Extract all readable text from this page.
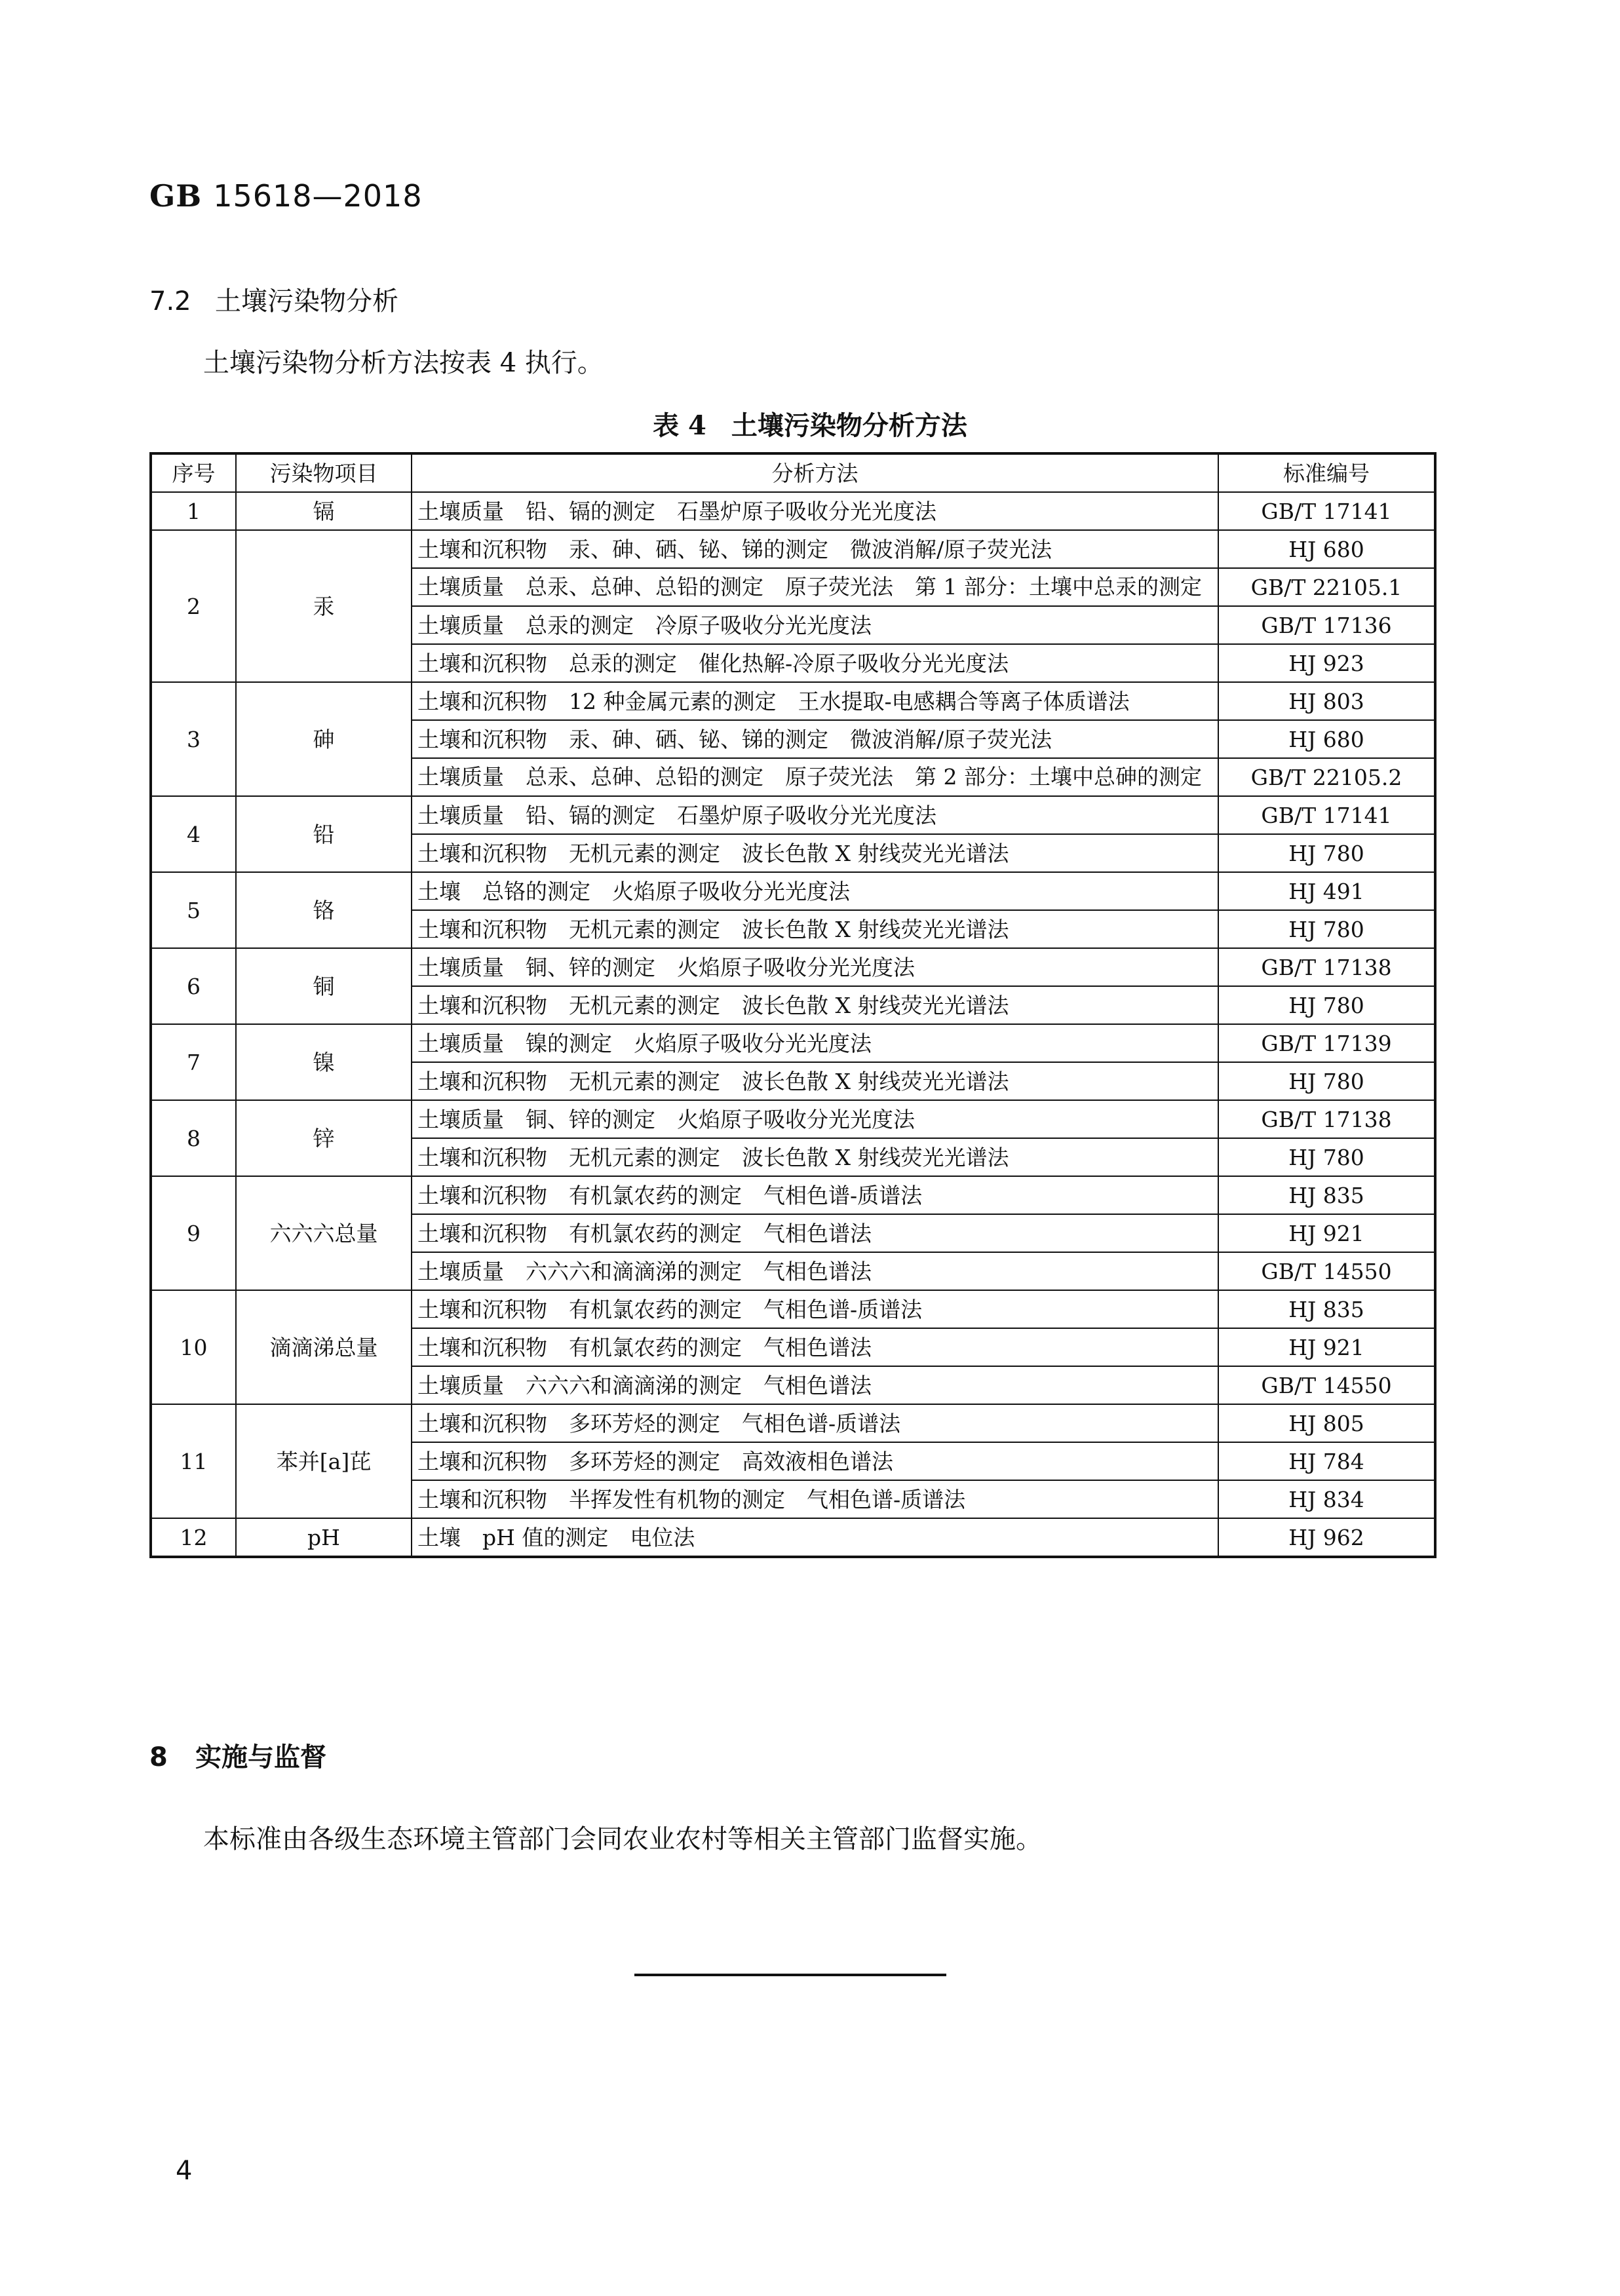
GB 15618—2018
7.2 土壤污染物分析
土壤污染物分析方法按表 4 执行。
表 4 土壤污染物分析方法
序号	污染物项目	分析方法	标准编号
1	镉	土壤质量　铅、镉的测定　石墨炉原子吸收分光光度法	GB/T 17141
2	汞	土壤和沉积物　汞、砷、硒、铋、锑的测定　微波消解/原子荧光法	HJ 680
		土壤质量　总汞、总砷、总铅的测定　原子荧光法　第 1 部分：土壤中总汞的测定	GB/T 22105.1
		土壤质量　总汞的测定　冷原子吸收分光光度法	GB/T 17136
		土壤和沉积物　总汞的测定　催化热解-冷原子吸收分光光度法	HJ 923
3	砷	土壤和沉积物　12 种金属元素的测定　王水提取-电感耦合等离子体质谱法	HJ 803
		土壤和沉积物　汞、砷、硒、铋、锑的测定　微波消解/原子荧光法	HJ 680
		土壤质量　总汞、总砷、总铅的测定　原子荧光法　第 2 部分：土壤中总砷的测定	GB/T 22105.2
4	铅	土壤质量　铅、镉的测定　石墨炉原子吸收分光光度法	GB/T 17141
		土壤和沉积物　无机元素的测定　波长色散 X 射线荧光光谱法	HJ 780
5	铬	土壤　总铬的测定　火焰原子吸收分光光度法	HJ 491
		土壤和沉积物　无机元素的测定　波长色散 X 射线荧光光谱法	HJ 780
6	铜	土壤质量　铜、锌的测定　火焰原子吸收分光光度法	GB/T 17138
		土壤和沉积物　无机元素的测定　波长色散 X 射线荧光光谱法	HJ 780
7	镍	土壤质量　镍的测定　火焰原子吸收分光光度法	GB/T 17139
		土壤和沉积物　无机元素的测定　波长色散 X 射线荧光光谱法	HJ 780
8	锌	土壤质量　铜、锌的测定　火焰原子吸收分光光度法	GB/T 17138
		土壤和沉积物　无机元素的测定　波长色散 X 射线荧光光谱法	HJ 780
9	六六六总量	土壤和沉积物　有机氯农药的测定　气相色谱-质谱法	HJ 835
		土壤和沉积物　有机氯农药的测定　气相色谱法	HJ 921
		土壤质量　六六六和滴滴涕的测定　气相色谱法	GB/T 14550
10	滴滴涕总量	土壤和沉积物　有机氯农药的测定　气相色谱-质谱法	HJ 835
		土壤和沉积物　有机氯农药的测定　气相色谱法	HJ 921
		土壤质量　六六六和滴滴涕的测定　气相色谱法	GB/T 14550
11	苯并[a]芘	土壤和沉积物　多环芳烃的测定　气相色谱-质谱法	HJ 805
		土壤和沉积物　多环芳烃的测定　高效液相色谱法	HJ 784
		土壤和沉积物　半挥发性有机物的测定　气相色谱-质谱法	HJ 834
12	pH	土壤　pH 值的测定　电位法	HJ 962
8 实施与监督
本标准由各级生态环境主管部门会同农业农村等相关主管部门监督实施。
4
